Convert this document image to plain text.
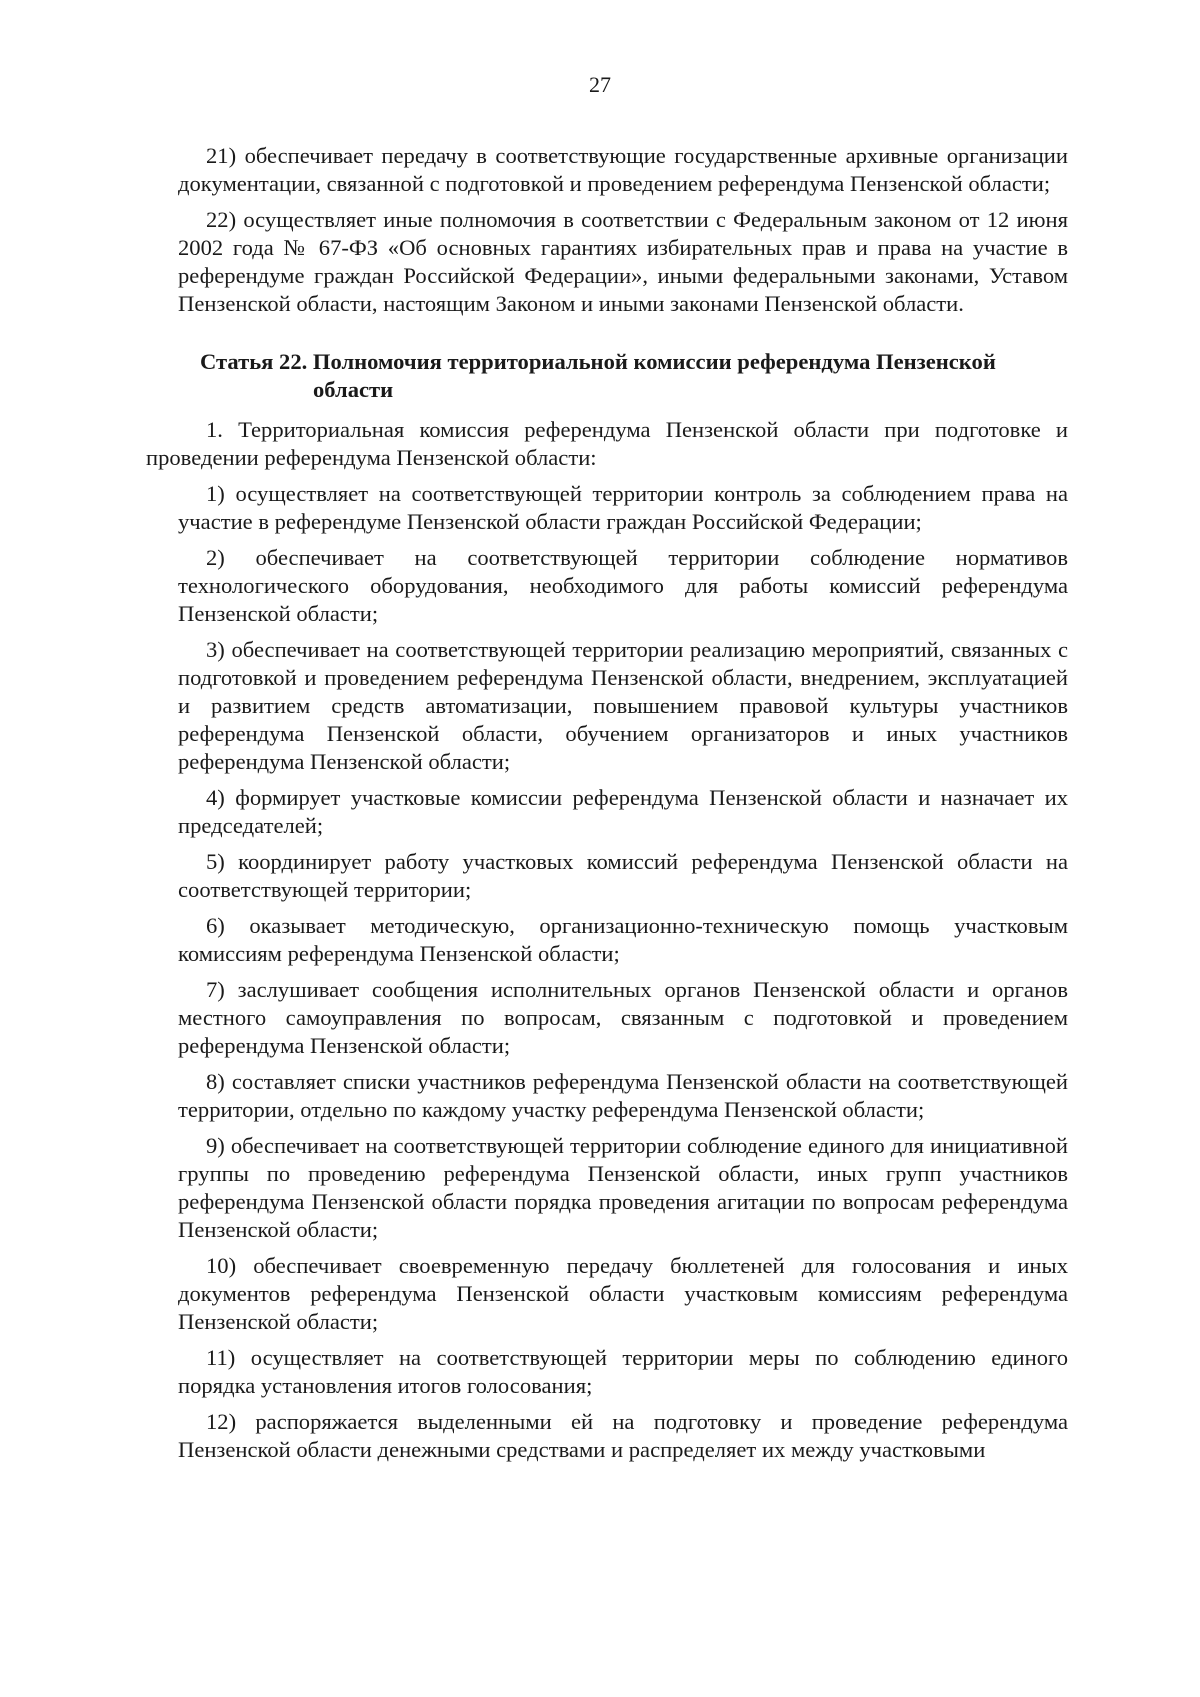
27

21) обеспечивает передачу в соответствующие государственные архивные организации документации, связанной с подготовкой и проведением референдума Пензенской области;

22) осуществляет иные полномочия в соответствии с Федеральным законом от 12 июня 2002 года № 67-ФЗ «Об основных гарантиях избирательных прав и права на участие в референдуме граждан Российской Федерации», иными федеральными законами, Уставом Пензенской области, настоящим Законом и иными законами Пензенской области.

Статья 22. Полномочия территориальной комиссии референдума Пензенской области

1. Территориальная комиссия референдума Пензенской области при подготовке и проведении референдума Пензенской области:

1) осуществляет на соответствующей территории контроль за соблюдением права на участие в референдуме Пензенской области граждан Российской Федерации;

2) обеспечивает на соответствующей территории соблюдение нормативов технологического оборудования, необходимого для работы комиссий референдума Пензенской области;

3) обеспечивает на соответствующей территории реализацию мероприятий, связанных с подготовкой и проведением референдума Пензенской области, внедрением, эксплуатацией и развитием средств автоматизации, повышением правовой культуры участников референдума Пензенской области, обучением организаторов и иных участников референдума Пензенской области;

4) формирует участковые комиссии референдума Пензенской области и назначает их председателей;

5) координирует работу участковых комиссий референдума Пензенской области на соответствующей территории;

6) оказывает методическую, организационно-техническую помощь участковым комиссиям референдума Пензенской области;

7) заслушивает сообщения исполнительных органов Пензенской области и органов местного самоуправления по вопросам, связанным с подготовкой и проведением референдума Пензенской области;

8) составляет списки участников референдума Пензенской области на соответствующей территории, отдельно по каждому участку референдума Пензенской области;

9) обеспечивает на соответствующей территории соблюдение единого для инициативной группы по проведению референдума Пензенской области, иных групп участников референдума Пензенской области порядка проведения агитации по вопросам референдума Пензенской области;

10) обеспечивает своевременную передачу бюллетеней для голосования и иных документов референдума Пензенской области участковым комиссиям референдума Пензенской области;

11) осуществляет на соответствующей территории меры по соблюдению единого порядка установления итогов голосования;

12) распоряжается выделенными ей на подготовку и проведение референдума Пензенской области денежными средствами и распределяет их между участковыми
